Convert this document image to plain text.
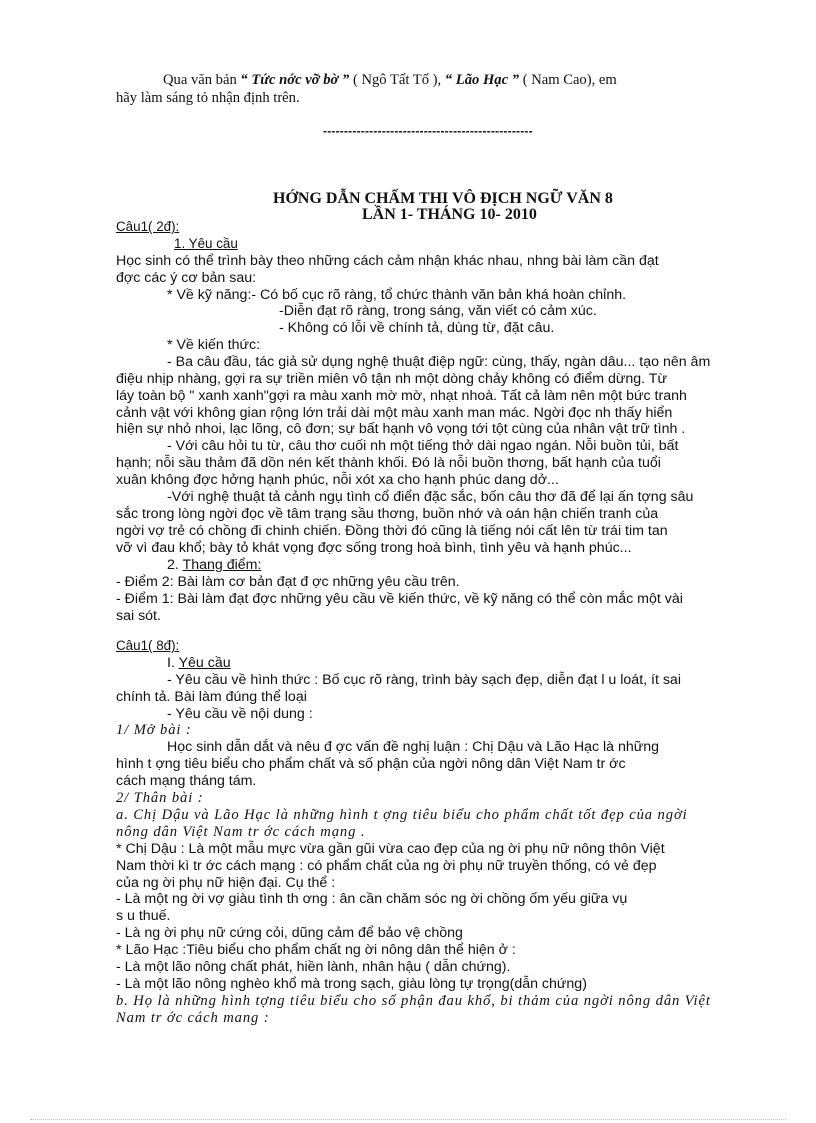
Qua văn bản “ Tức nớc vỡ bờ ” ( Ngô Tất Tố ), “ Lão Hạc ” ( Nam Cao), em
hãy làm sáng tỏ nhận định trên.
--------------------------------------------------
HỚNG DẪN CHẤM THI VÔ ĐỊCH NGỮ VĂN 8
LẦN 1- THÁNG 10- 2010
Câu1( 2đ):
1. Yêu cầu
Học sinh có thể trình bày theo những cách cảm nhận khác nhau, nhng bài làm cần đạt
đợc các ý cơ bản sau:
* Về kỹ năng:- Có bố cục rõ ràng, tổ chức thành văn bản khá hoàn chỉnh.
-Diễn đạt rõ ràng, trong sáng, văn viết có cảm xúc.
- Không có lỗi về chính tả, dùng từ, đặt câu.
* Về kiến thức:
- Ba câu đầu, tác giả sử dụng nghệ thuật điệp ngữ: cùng, thấy, ngàn dâu... tạo nên âm
điệu nhịp nhàng, gợi ra sự triền miên vô tận nh một dòng chảy không có điểm dừng. Từ
láy toàn bộ " xanh xanh"gợi ra màu xanh mờ mờ, nhạt nhoà. Tất cả làm nên một bức tranh
cảnh vật với không gian rộng lớn trải dài một màu xanh man mác. Ngời đọc nh thấy hiển
hiện sự nhỏ nhoi, lạc lõng, cô đơn; sự bất hạnh vô vọng tới tột cùng của nhân vật trữ tình .
- Với câu hỏi tu từ, câu thơ cuối nh một tiếng thở dài ngao ngán. Nỗi buồn tủi, bất
hạnh; nỗi sầu thảm đã dồn nén kết thành khối. Đó là nỗi buồn thơng, bất hạnh của tuổi
xuân không đợc hởng hạnh phúc, nỗi xót xa cho hạnh phúc dang dở...
-Với nghệ thuật tả cảnh ngụ tình cổ điển đặc sắc, bốn câu thơ đã để lại ấn tợng sâu
sắc trong lòng ngời đọc về tâm trạng sầu thơng, buồn nhớ và oán hận chiến tranh của
ngời vợ trẻ có chồng đi chinh chiến. Đồng thời đó cũng là tiếng nói cất lên từ trái tim tan
vỡ vì đau khổ; bày tỏ khát vọng đợc sống trong hoà bình, tình yêu và hạnh phúc...
2. Thang điểm:
- Điểm 2: Bài làm cơ bản đạt đ ợc những yêu cầu trên.
- Điểm 1: Bài làm đạt đợc những yêu cầu về kiến thức, về kỹ năng có thể còn mắc một vài
sai sót.
Câu1( 8đ):
I. Yêu cầu
- Yêu cầu về hình thức : Bố cục rõ ràng, trình bày sạch đẹp, diễn đạt l u loát, ít sai
chính tả. Bài làm đúng thể loại
- Yêu cầu về nội dung :
1/ Mở bài :
Học sinh dẫn dắt và nêu đ ợc vấn đề nghị luận : Chị Dậu và Lão Hạc là những
hình t ợng tiêu biểu cho phẩm chất và số phận của ngời nông dân Việt Nam tr ớc
cách mạng tháng tám.
2/ Thân bài :
a. Chị Dậu và Lão Hạc là những hình t ợng tiêu biểu cho phẩm chất tốt đẹp của ngời
nông dân Việt Nam tr ớc cách mạng .
* Chị Dậu : Là một mẫu mực vừa gần gũi vừa cao đẹp của ng ời phụ nữ nông thôn Việt
Nam thời kì tr ớc cách mạng : có phẩm chất của ng ời phụ nữ truyền thống, có vẻ đẹp
của ng ời phụ nữ hiện đại. Cụ thể :
- Là một ng ời vợ giàu tình th ơng : ân cần chăm sóc ng ời chồng ốm yếu giữa vụ
s u thuế.
- Là ng ời phụ nữ cứng cỏi, dũng cảm để bảo vệ chồng
* Lão Hạc :Tiêu biểu cho phẩm chất ng ời nông dân thể hiện ở :
- Là một lão nông chất phát, hiền lành, nhân hậu ( dẫn chứng).
- Là một lão nông nghèo khổ mà trong sạch, giàu lòng tự trọng(dẫn chứng)
b. Họ là những hình tợng tiêu biểu cho số phận đau khổ, bi thảm của ngời nông dân Việt
Nam tr ớc cách mang :
